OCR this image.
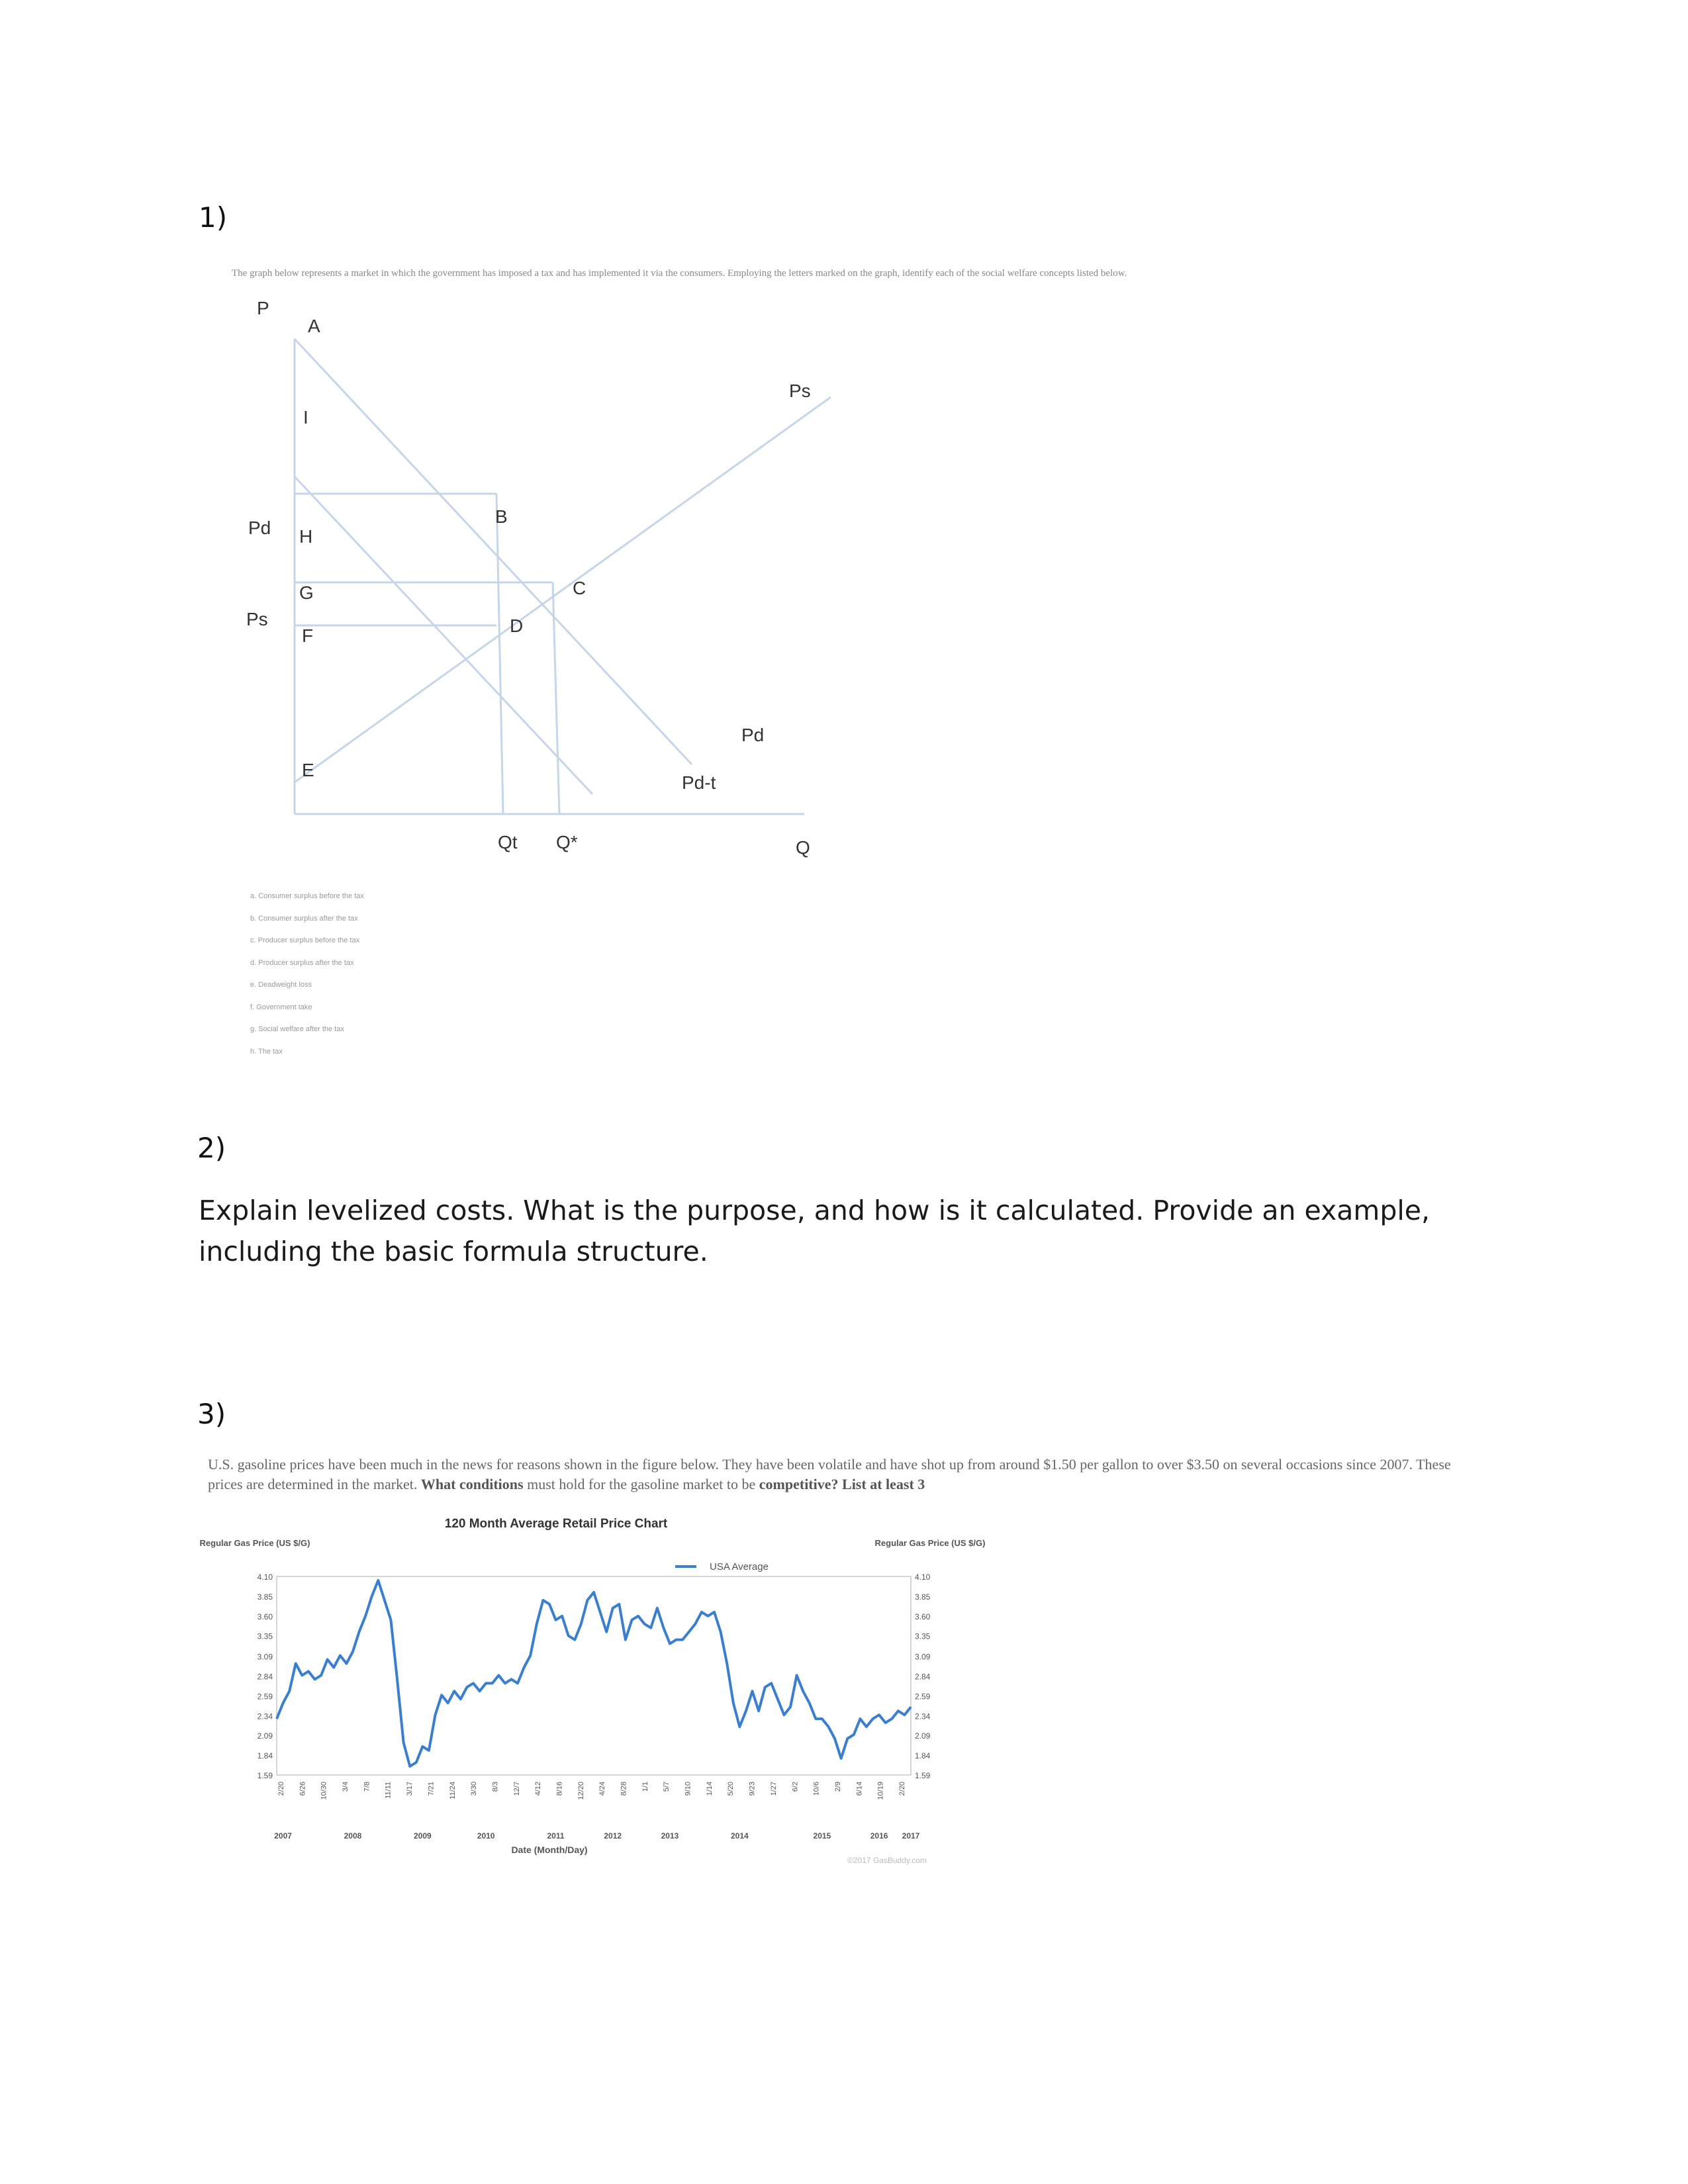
1)
The graph below represents a market in which the government has imposed a tax and has implemented it via the consumers. Employing the letters marked on the graph, identify each of the social welfare concepts listed below.
P
A
I
H
G
F
E
B
C
D
Pd
Ps
Ps
Pd
Pd-t
Qt Q*	Q
a. Consumer surplus before the tax
b. Consumer surplus after the tax
c. Producer surplus before the tax
d. Producer surplus after the tax
e. Deadweight loss
f. Government take
g. Social welfare after the tax
h. The tax
2)
Explain levelized costs. What is the purpose, and how is it calculated. Provide an example, including the basic formula structure.
3)
U.S. gasoline prices have been much in the news for reasons shown in the figure below. They have been volatile and have shot up from around $1.50 per gallon to over $3.50 on several occasions since 2007. These prices are determined in the market. What conditions must hold for the gasoline market to be competitive? List at least 3
120 Month Average Retail Price Chart
Regular Gas Price (US $/G)	Regular Gas Price (US $/G)
USA Average
4.10
3.85
3.60
3.35
3.09
2.84
2.59
2.34
2.09
1.84
1.59
4.10
3.85
3.60
3.35
3.09
2.84
2.59
2.34
2.09
1.84
1.59
2/20 6/26 10/30 3/4 7/8 11/11 3/17 7/21 11/24 3/30 8/3 12/7 4/12 8/16 12/20 4/24 8/28 1/1 5/7 9/10 1/14 5/20 9/23 1/27 6/2 10/6 2/9 6/14 10/19 2/20
2007	2008	2009	2010	2011	2012	2013	2014	2015	2016 2017
Date (Month/Day)
©2017 GasBuddy.com
